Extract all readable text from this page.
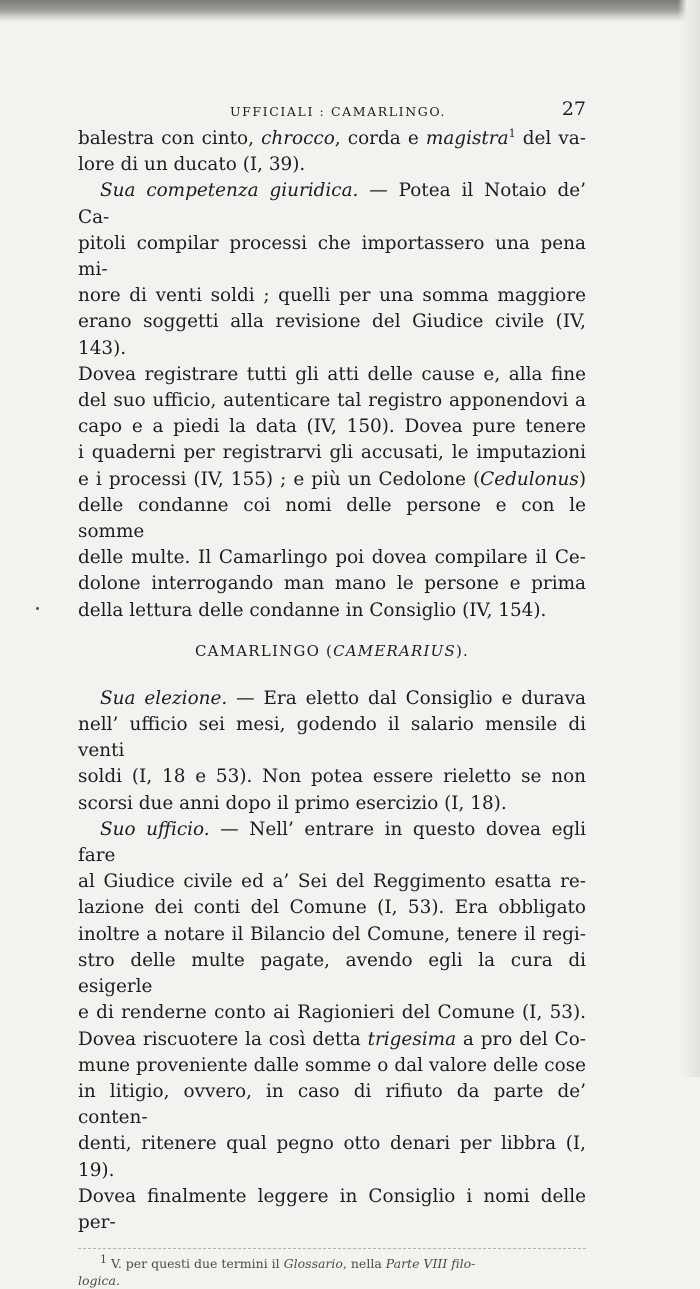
UFFICIALI : CAMARLINGO.	27

balestra con cinto, chrocco, corda e magistra$^1$ del va-

lore di un ducato (I, 39).

Sua competenza giuridica. — Potea il Notaio de’ Ca-

pitoli compilar processi che importassero una pena mi-

nore di venti soldi ; quelli per una somma maggiore

erano soggetti alla revisione del Giudice civile (IV, 143).

Dovea registrare tutti gli atti delle cause e, alla fine

del suo ufficio, autenticare tal registro apponendovi a

capo e a piedi la data (IV, 150). Dovea pure tenere

i quaderni per registrarvi gli accusati, le imputazioni

e i processi (IV, 155) ; e più un Cedolone (Cedulonus)

delle condanne coi nomi delle persone e con le somme

delle multe. Il Camarlingo poi dovea compilare il Ce-

dolone interrogando man mano le persone e prima

della lettura delle condanne in Consiglio (IV, 154).

CAMARLINGO (CAMERARIUS).

Sua elezione. — Era eletto dal Consiglio e durava

nell’ ufficio sei mesi, godendo il salario mensile di venti

soldi (I, 18 e 53). Non potea essere rieletto se non

scorsi due anni dopo il primo esercizio (I, 18).

Suo ufficio. — Nell’ entrare in questo dovea egli fare

al Giudice civile ed a’ Sei del Reggimento esatta re-

lazione dei conti del Comune (I, 53). Era obbligato

inoltre a notare il Bilancio del Comune, tenere il regi-

stro delle multe pagate, avendo egli la cura di esigerle

e di renderne conto ai Ragionieri del Comune (I, 53).

Dovea riscuotere la così detta trigesima a pro del Co-

mune proveniente dalle somme o dal valore delle cose

in litigio, ovvero, in caso di rifiuto da parte de’ conten-

denti, ritenere qual pegno otto denari per libbra (I, 19).

Dovea finalmente leggere in Consiglio i nomi delle per-

$^1$ V. per questi due termini il Glossario, nella Parte VIII filo-
logica.
